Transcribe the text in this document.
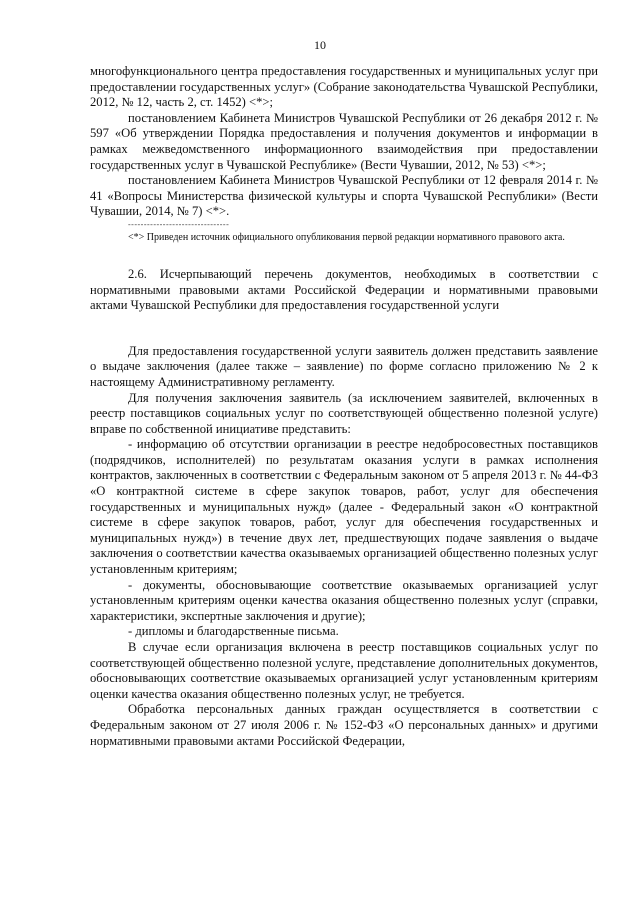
10

многофункционального центра предоставления государственных и муниципальных услуг при предоставлении государственных услуг» (Собрание законодательства Чувашской Республики, 2012, № 12, часть 2, ст. 1452) <*>;

постановлением Кабинета Министров Чувашской Республики от 26 декабря 2012 г. № 597 «Об утверждении Порядка предоставления и получения документов и информации в рамках межведомственного информационного взаимодействия при предоставлении государственных услуг в Чувашской Республике» (Вести Чувашии, 2012, № 53) <*>;

постановлением Кабинета Министров Чувашской Республики от 12 февраля 2014 г. № 41 «Вопросы Министерства физической культуры и спорта Чувашской Республики» (Вести Чувашии, 2014, № 7) <*>.

--------------------------------

<*> Приведен источник официального опубликования первой редакции нормативного правового акта.

2.6. Исчерпывающий перечень документов, необходимых в соответствии с нормативными правовыми актами Российской Федерации и нормативными правовыми актами Чувашской Республики для предоставления государственной услуги

Для предоставления государственной услуги заявитель должен представить заявление о выдаче заключения (далее также – заявление) по форме согласно приложению № 2 к настоящему Административному регламенту.

Для получения заключения заявитель (за исключением заявителей, включенных в реестр поставщиков социальных услуг по соответствующей общественно полезной услуге) вправе по собственной инициативе представить:

- информацию об отсутствии организации в реестре недобросовестных поставщиков (подрядчиков, исполнителей) по результатам оказания услуги в рамках исполнения контрактов, заключенных в соответствии с Федеральным законом от 5 апреля 2013 г. № 44-ФЗ «О контрактной системе в сфере закупок товаров, работ, услуг для обеспечения государственных и муниципальных нужд» (далее - Федеральный закон «О контрактной системе в сфере закупок товаров, работ, услуг для обеспечения государственных и муниципальных нужд») в течение двух лет, предшествующих подаче заявления о выдаче заключения о соответствии качества оказываемых организацией общественно полезных услуг установленным критериям;

- документы, обосновывающие соответствие оказываемых организацией услуг установленным критериям оценки качества оказания общественно полезных услуг (справки, характеристики, экспертные заключения и другие);

- дипломы и благодарственные письма.

В случае если организация включена в реестр поставщиков социальных услуг по соответствующей общественно полезной услуге, представление дополнительных документов, обосновывающих соответствие оказываемых организацией услуг установленным критериям оценки качества оказания общественно полезных услуг, не требуется.

Обработка персональных данных граждан осуществляется в соответствии с Федеральным законом от 27 июля 2006 г. № 152-ФЗ «О персональных данных» и другими нормативными правовыми актами Российской Федерации,
